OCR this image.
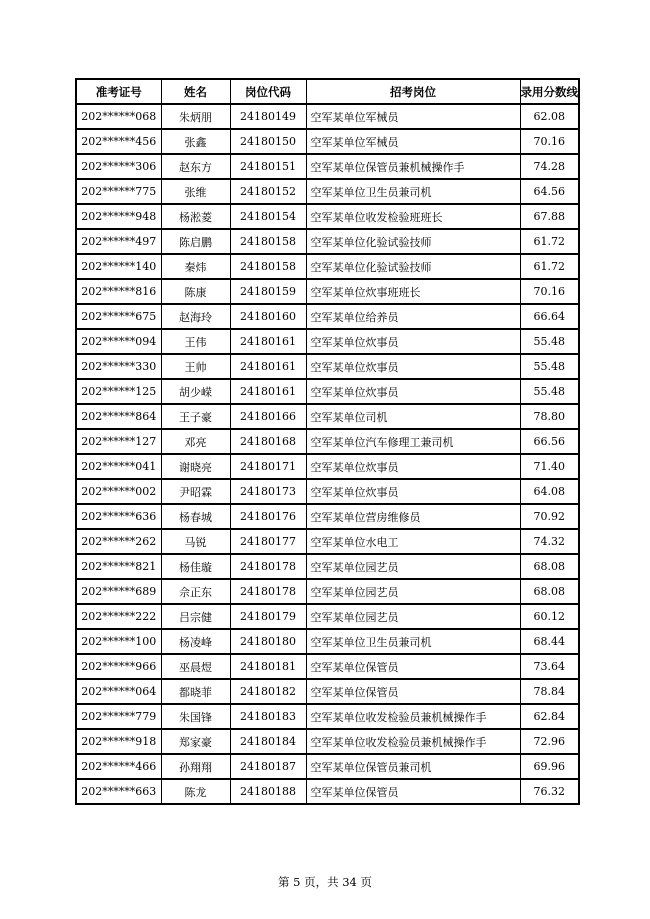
准考证号	姓名	岗位代码	招考岗位	录用分数线
202******068	朱炳朋	24180149	空军某单位军械员	62.08
202******456	张鑫	24180150	空军某单位军械员	70.16
202******306	赵东方	24180151	空军某单位保管员兼机械操作手	74.28
202******775	张维	24180152	空军某单位卫生员兼司机	64.56
202******948	杨淞菱	24180154	空军某单位收发检验班班长	67.88
202******497	陈启鹏	24180158	空军某单位化验试验技师	61.72
202******140	秦炜	24180158	空军某单位化验试验技师	61.72
202******816	陈康	24180159	空军某单位炊事班班长	70.16
202******675	赵海玲	24180160	空军某单位给养员	66.64
202******094	王伟	24180161	空军某单位炊事员	55.48
202******330	王帅	24180161	空军某单位炊事员	55.48
202******125	胡少嵘	24180161	空军某单位炊事员	55.48
202******864	王子豪	24180166	空军某单位司机	78.80
202******127	邓亮	24180168	空军某单位汽车修理工兼司机	66.56
202******041	谢晓亮	24180171	空军某单位炊事员	71.40
202******002	尹昭霖	24180173	空军某单位炊事员	64.08
202******636	杨春城	24180176	空军某单位营房维修员	70.92
202******262	马锐	24180177	空军某单位水电工	74.32
202******821	杨佳璇	24180178	空军某单位园艺员	68.08
202******689	佘正东	24180178	空军某单位园艺员	68.08
202******222	吕宗健	24180179	空军某单位园艺员	60.12
202******100	杨凌峰	24180180	空军某单位卫生员兼司机	68.44
202******966	巫晨煜	24180181	空军某单位保管员	73.64
202******064	都晓菲	24180182	空军某单位保管员	78.84
202******779	朱国锋	24180183	空军某单位收发检验员兼机械操作手	62.84
202******918	郑家豪	24180184	空军某单位收发检验员兼机械操作手	72.96
202******466	孙翔翔	24180187	空军某单位保管员兼司机	69.96
202******663	陈龙	24180188	空军某单位保管员	76.32
第 5 页，共 34 页
